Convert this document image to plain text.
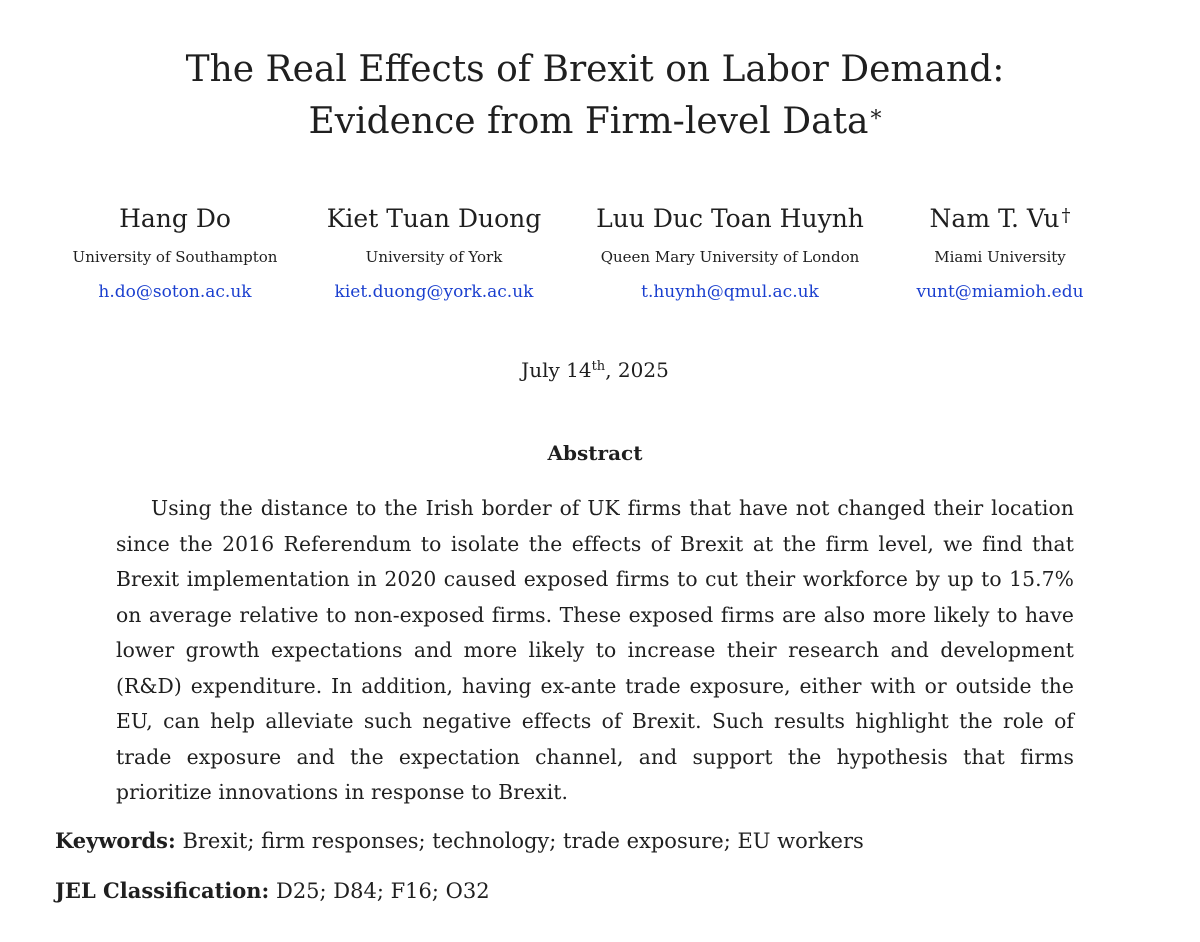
The Real Effects of Brexit on Labor Demand:
Evidence from Firm-level Data*
Hang Do
University of Southampton
h.do@soton.ac.uk
Kiet Tuan Duong
University of York
kiet.duong@york.ac.uk
Luu Duc Toan Huynh
Queen Mary University of London
t.huynh@qmul.ac.uk
Nam T. Vu †
Miami University
vunt@miamioh.edu
July 14th, 2025
Abstract

Using the distance to the Irish border of UK firms that have not changed their location since the 2016 Referendum to isolate the effects of Brexit at the firm level, we find that Brexit implementation in 2020 caused exposed firms to cut their workforce by up to 15.7% on average relative to non-exposed firms. These exposed firms are also more likely to have lower growth expectations and more likely to increase their research and development (R&D) expenditure. In addition, having ex-ante trade exposure, either with or outside the EU, can help alleviate such negative effects of Brexit. Such results highlight the role of trade exposure and the expectation channel, and support the hypothesis that firms prioritize innovations in response to Brexit.

Keywords: Brexit; firm responses; technology; trade exposure; EU workers
JEL Classification: D25; D84; F16; O32
